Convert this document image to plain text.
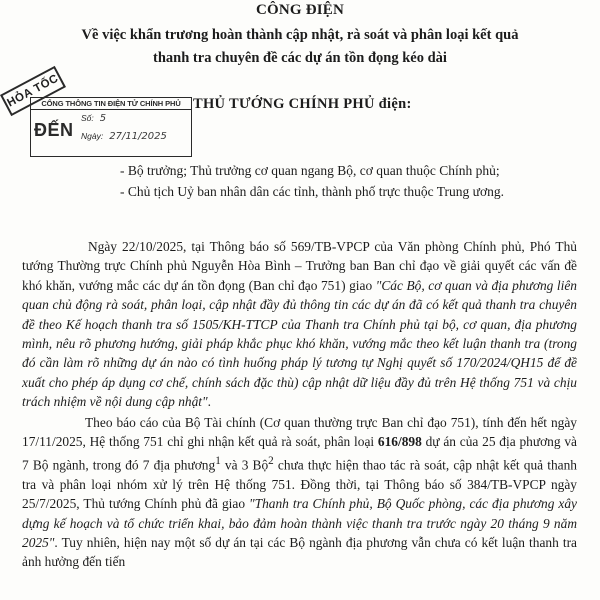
CÔNG ĐIỆN
Về việc khẩn trương hoàn thành cập nhật, rà soát và phân loại kết quả
thanh tra chuyên đề các dự án tồn đọng kéo dài
HỎA TỐC
CỔNG THÔNG TIN ĐIỆN TỬ CHÍNH PHỦ
ĐẾN
Số: 5
Ngày: 27/11/2025
THỦ TƯỚNG CHÍNH PHỦ điện:
- Bộ trưởng; Thủ trưởng cơ quan ngang Bộ, cơ quan thuộc Chính phủ;
- Chủ tịch Uỷ ban nhân dân các tỉnh, thành phố trực thuộc Trung ương.
Ngày 22/10/2025, tại Thông báo số 569/TB-VPCP của Văn phòng Chính phủ, Phó Thủ tướng Thường trực Chính phủ Nguyễn Hòa Bình – Trưởng ban Ban chỉ đạo về giải quyết các vấn đề khó khăn, vướng mắc các dự án tồn đọng (Ban chỉ đạo 751) giao "Các Bộ, cơ quan và địa phương liên quan chủ động rà soát, phân loại, cập nhật đầy đủ thông tin các dự án đã có kết quả thanh tra chuyên đề theo Kế hoạch thanh tra số 1505/KH-TTCP của Thanh tra Chính phủ tại bộ, cơ quan, địa phương mình, nêu rõ phương hướng, giải pháp khắc phục khó khăn, vướng mắc theo kết luận thanh tra (trong đó cần làm rõ những dự án nào có tình huống pháp lý tương tự Nghị quyết số 170/2024/QH15 để đề xuất cho phép áp dụng cơ chế, chính sách đặc thù) cập nhật dữ liệu đầy đủ trên Hệ thống 751 và chịu trách nhiệm về nội dung cập nhật".
Theo báo cáo của Bộ Tài chính (Cơ quan thường trực Ban chỉ đạo 751), tính đến hết ngày 17/11/2025, Hệ thống 751 chỉ ghi nhận kết quả rà soát, phân loại 616/898 dự án của 25 địa phương và 7 Bộ ngành, trong đó 7 địa phương$^1$ và 3 Bộ$^2$ chưa thực hiện thao tác rà soát, cập nhật kết quả thanh tra và phân loại nhóm xử lý trên Hệ thống 751. Đồng thời, tại Thông báo số 384/TB-VPCP ngày 25/7/2025, Thủ tướng Chính phủ đã giao "Thanh tra Chính phủ, Bộ Quốc phòng, các địa phương xây dựng kế hoạch và tổ chức triển khai, bảo đảm hoàn thành việc thanh tra trước ngày 20 tháng 9 năm 2025". Tuy nhiên, hiện nay một số dự án tại các Bộ ngành địa phương vẫn chưa có kết luận thanh tra ảnh hưởng đến tiến
